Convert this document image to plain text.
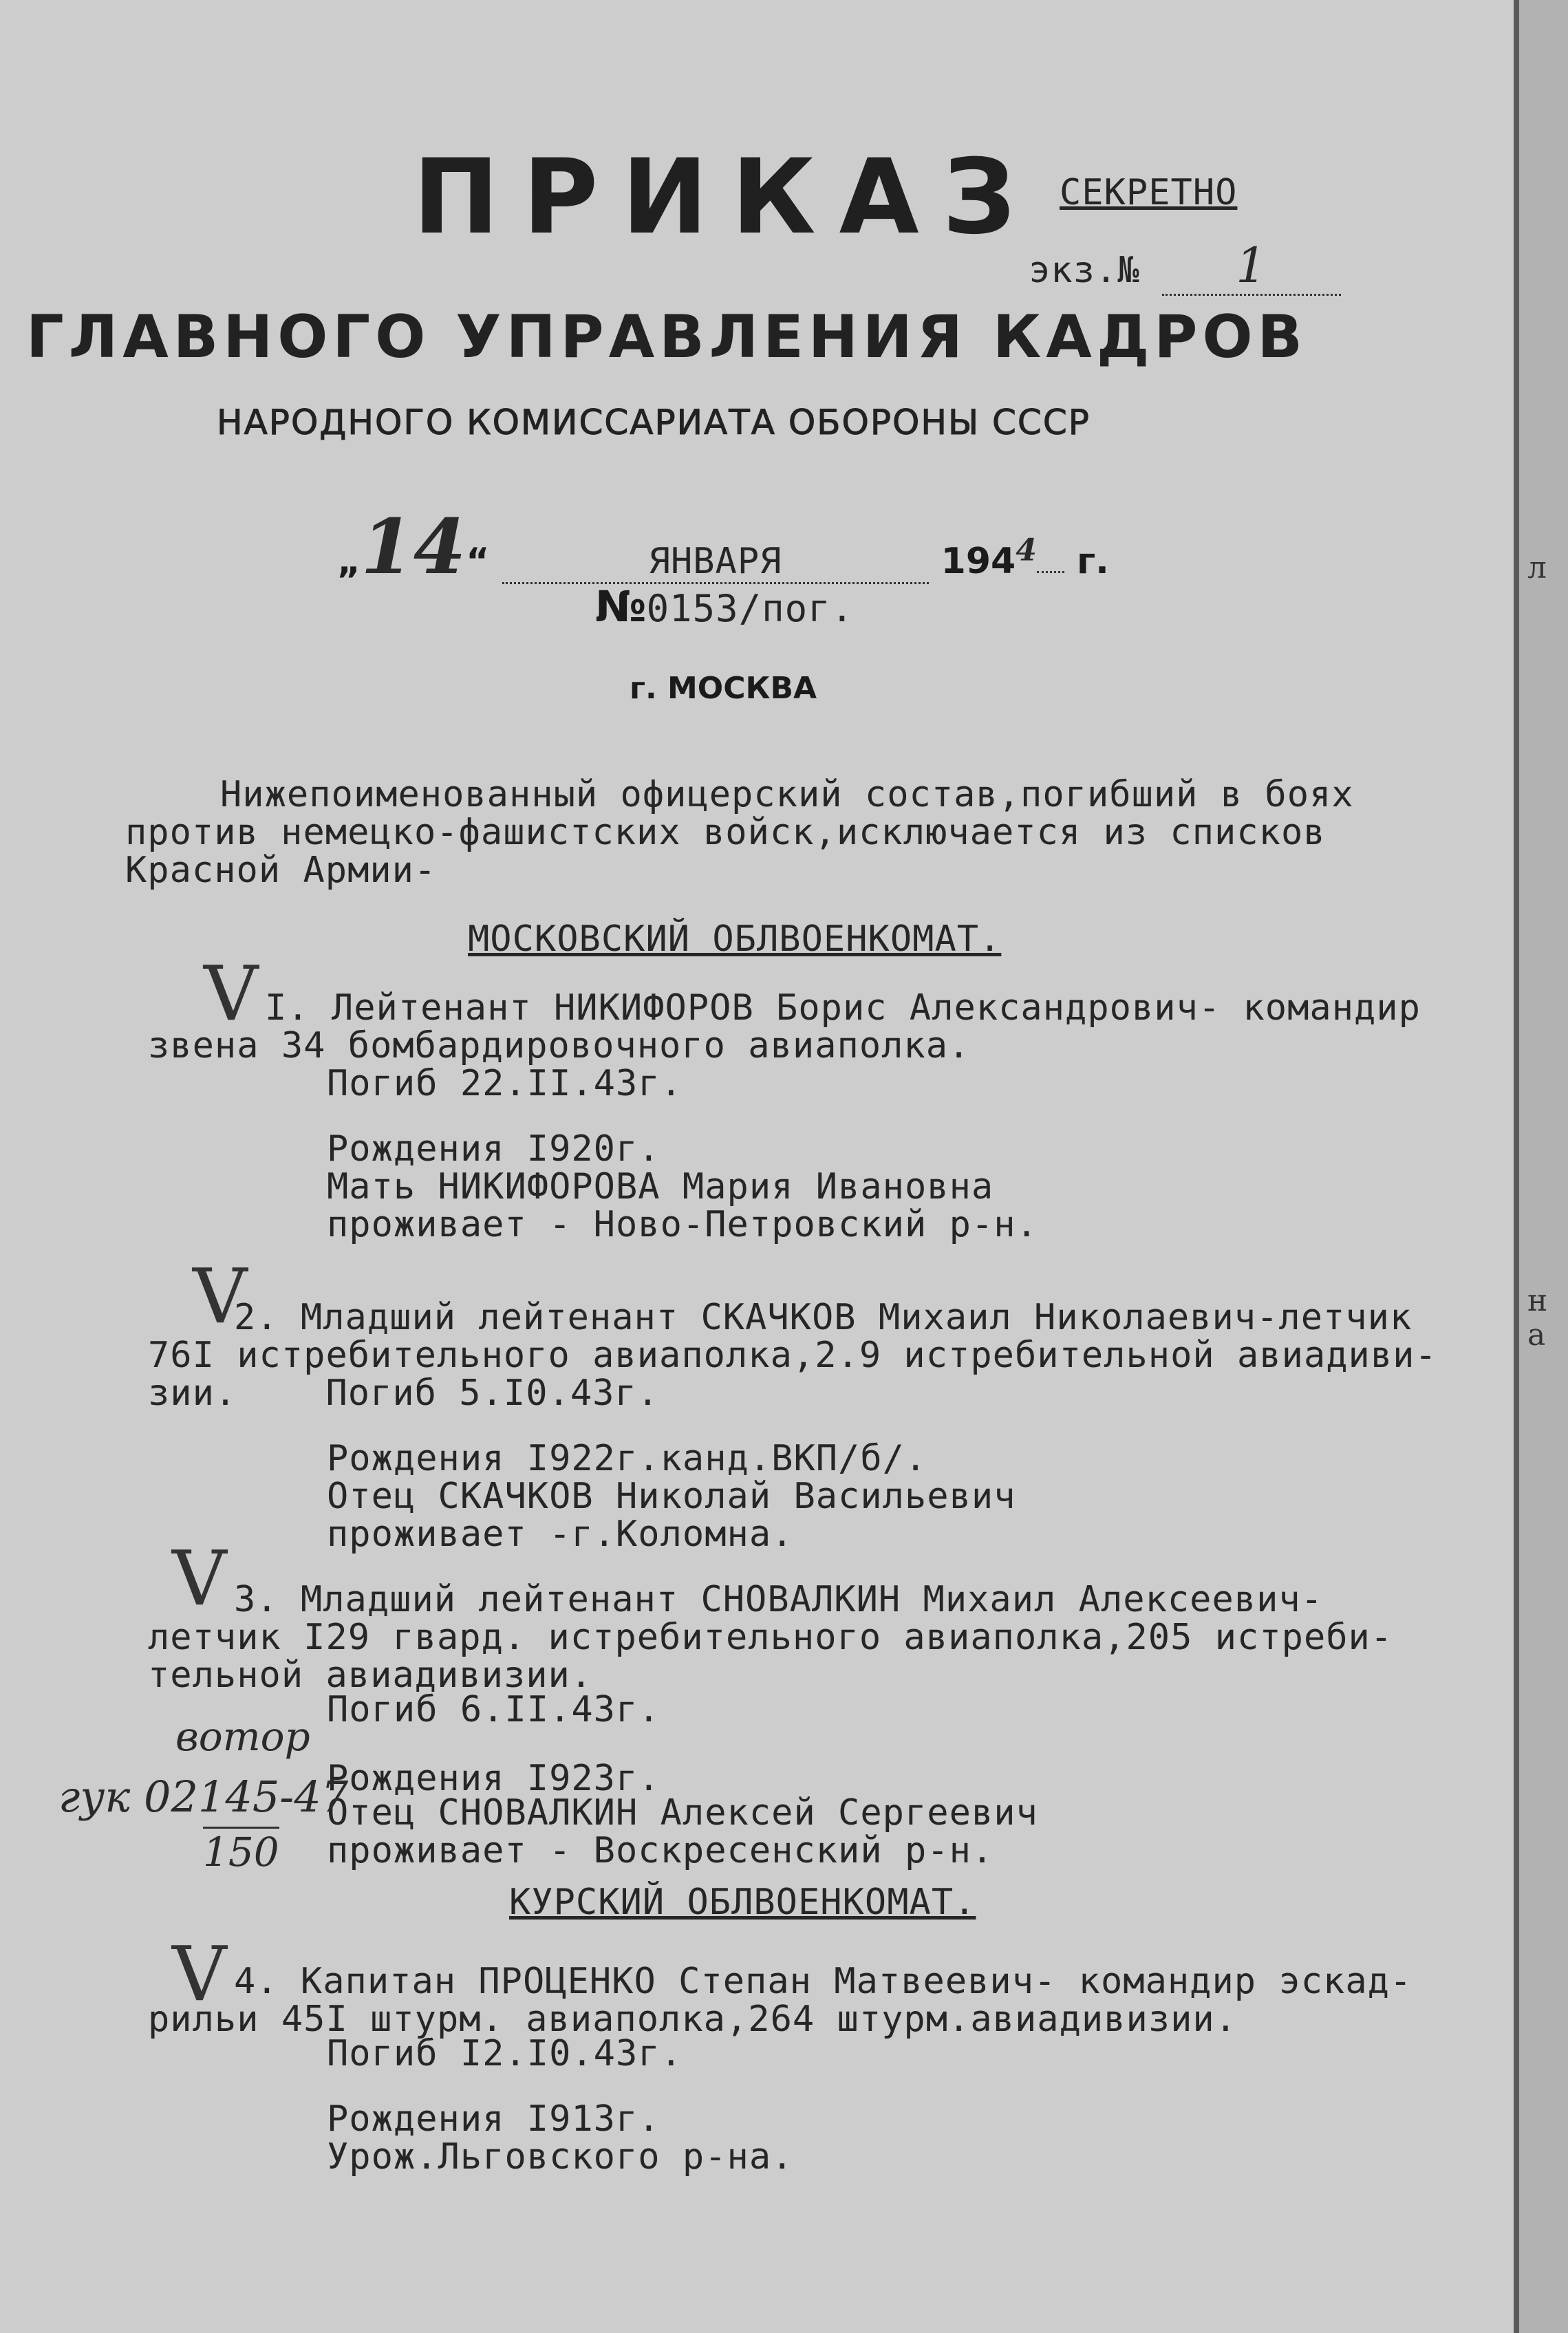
ПРИКАЗ СЕКРЕТНО
экз.№ 1
ГЛАВНОГО УПРАВЛЕНИЯ КАДРОВ
НАРОДНОГО КОМИССАРИАТА ОБОРОНЫ СССР
„14“	ЯНВАРЯ	$194^4$ г.
№0153/пог.
г. МОСКВА
Нижепоименованный офицерский состав,погибший в боях
против немецко-фашистских войск,исключается из списков
Красной Армии-
МОСКОВСКИЙ ОБЛВОЕНКОМАТ.
V I. Лейтенант НИКИФОРОВ Борис Александрович- командир
звена 34 бомбардировочного авиаполка.
Погиб 22.II.43г.
Рождения I920г.
Мать НИКИФОРОВА Мария Ивановна
проживает - Ново-Петровский р-н.
V
2. Младший лейтенант СКАЧКОВ Михаил Николаевич-летчик
76I истребительного авиаполка,2.9 истребительной авиадиви-
зии.    Погиб 5.I0.43г.
Рождения I922г.канд.ВКП/б/.
Отец СКАЧКОВ Николай Васильевич
проживает -г.Коломна.
V 3. Младший лейтенант СНОВАЛКИН Михаил Алексеевич-
летчик I29 гвард. истребительного авиаполка,205 истреби-
тельной авиадивизии.
Погиб 6.II.43г.
Рождения I923г.
Отец СНОВАЛКИН Алексей Сергеевич
проживает - Воскресенский р-н.
вотор
гук 02145-47
150
КУРСКИЙ ОБЛВОЕНКОМАТ.
V 4. Капитан ПРОЦЕНКО Степан Матвеевич- командир эскад-
рильи 45I штурм. авиаполка,264 штурм.авиадивизии.
Погиб I2.I0.43г.
Рождения I913г.
Урож.Льговского р-на.
л
н
а
